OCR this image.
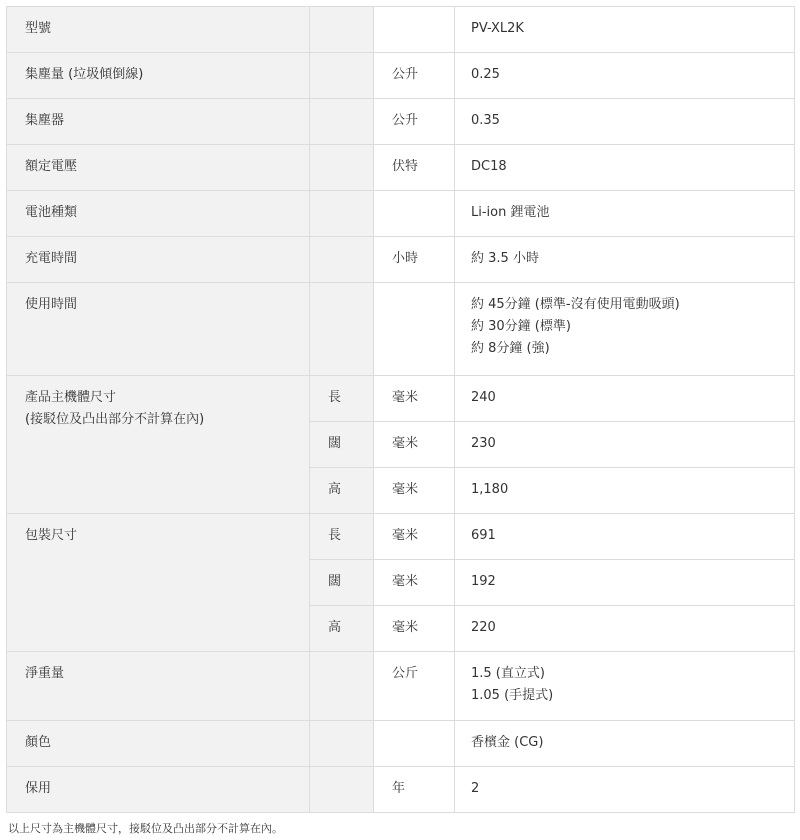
型號			PV-XL2K
集塵量 (垃圾傾倒線)		公升	0.25
集塵器		公升	0.35
額定電壓		伏特	DC18
電池種類			Li-ion 鋰電池
充電時間		小時	約 3.5 小時
使用時間			約 45分鐘 (標準-沒有使用電動吸頭)
約 30分鐘 (標準)
約 8分鐘 (強)

產品主機體尺寸
(接駁位及凸出部分不計算在內)	長	毫米	240
	闊	毫米	230
	高	毫米	1,180
包裝尺寸	長	毫米	691
	闊	毫米	192
	高	毫米	220
淨重量		公斤	1.5 (直立式)
1.05 (手提式)

顏色			香檳金 (CG)
保用		年	2
以上尺寸為主機體尺寸，接駁位及凸出部分不計算在內。
